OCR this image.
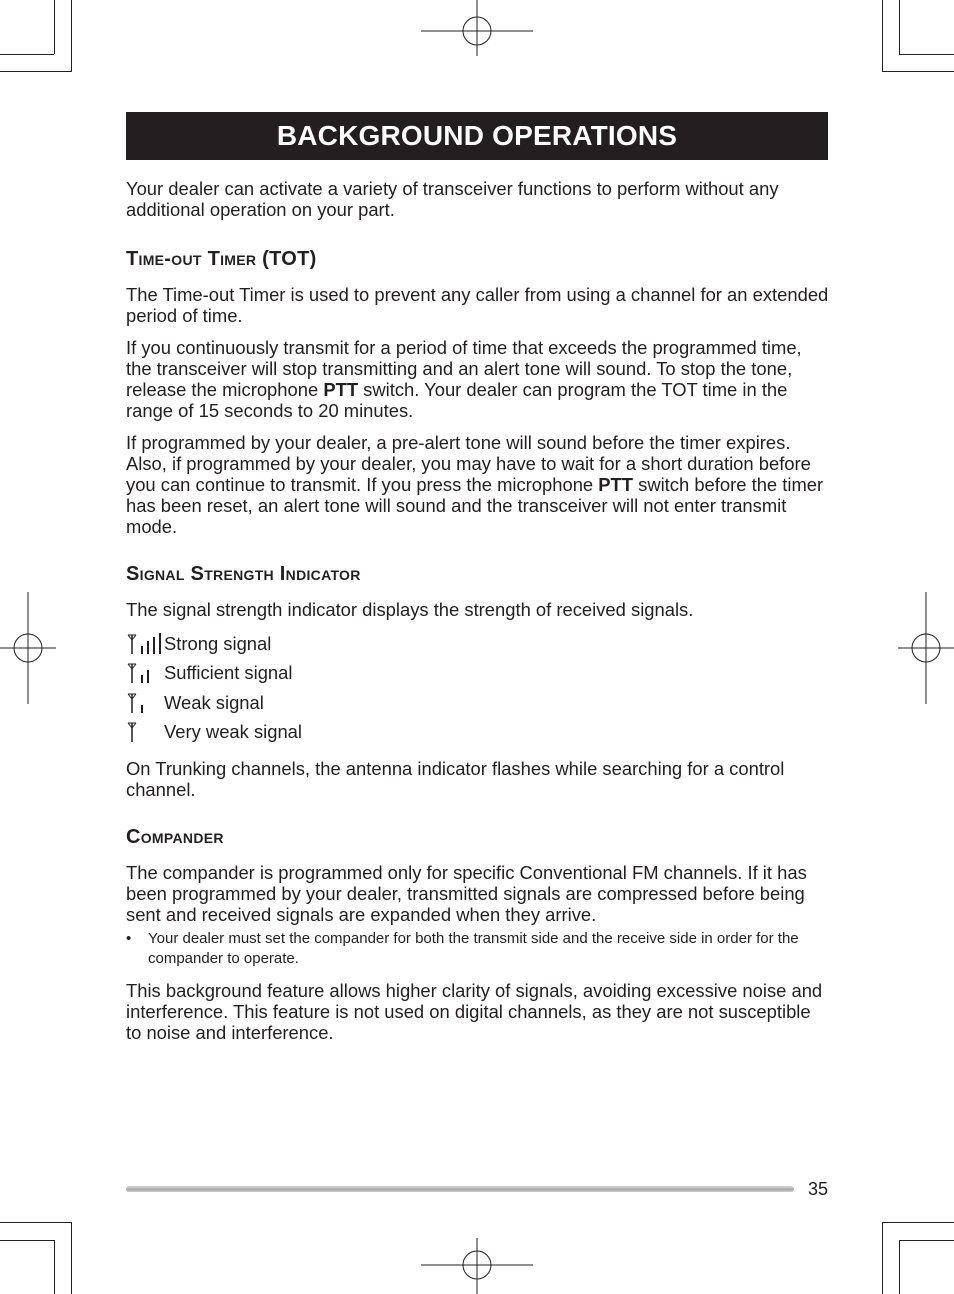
BACKGROUND OPERATIONS

Your dealer can activate a variety of transceiver functions to perform without any additional operation on your part.

Time-out Timer (TOT)

The Time-out Timer is used to prevent any caller from using a channel for an extended period of time.

If you continuously transmit for a period of time that exceeds the programmed time, the transceiver will stop transmitting and an alert tone will sound. To stop the tone, release the microphone PTT switch. Your dealer can program the TOT time in the range of 15 seconds to 20 minutes.

If programmed by your dealer, a pre-alert tone will sound before the timer expires. Also, if programmed by your dealer, you may have to wait for a short duration before you can continue to transmit. If you press the microphone PTT switch before the timer has been reset, an alert tone will sound and the transceiver will not enter transmit mode.

Signal Strength Indicator

The signal strength indicator displays the strength of received signals.

Strong signal
Sufficient signal
Weak signal
Very weak signal

On Trunking channels, the antenna indicator flashes while searching for a control channel.

Compander

The compander is programmed only for specific Conventional FM channels. If it has been programmed by your dealer, transmitted signals are compressed before being sent and received signals are expanded when they arrive.

• Your dealer must set the compander for both the transmit side and the receive side in order for the compander to operate.

This background feature allows higher clarity of signals, avoiding excessive noise and interference. This feature is not used on digital channels, as they are not susceptible to noise and interference.

35
